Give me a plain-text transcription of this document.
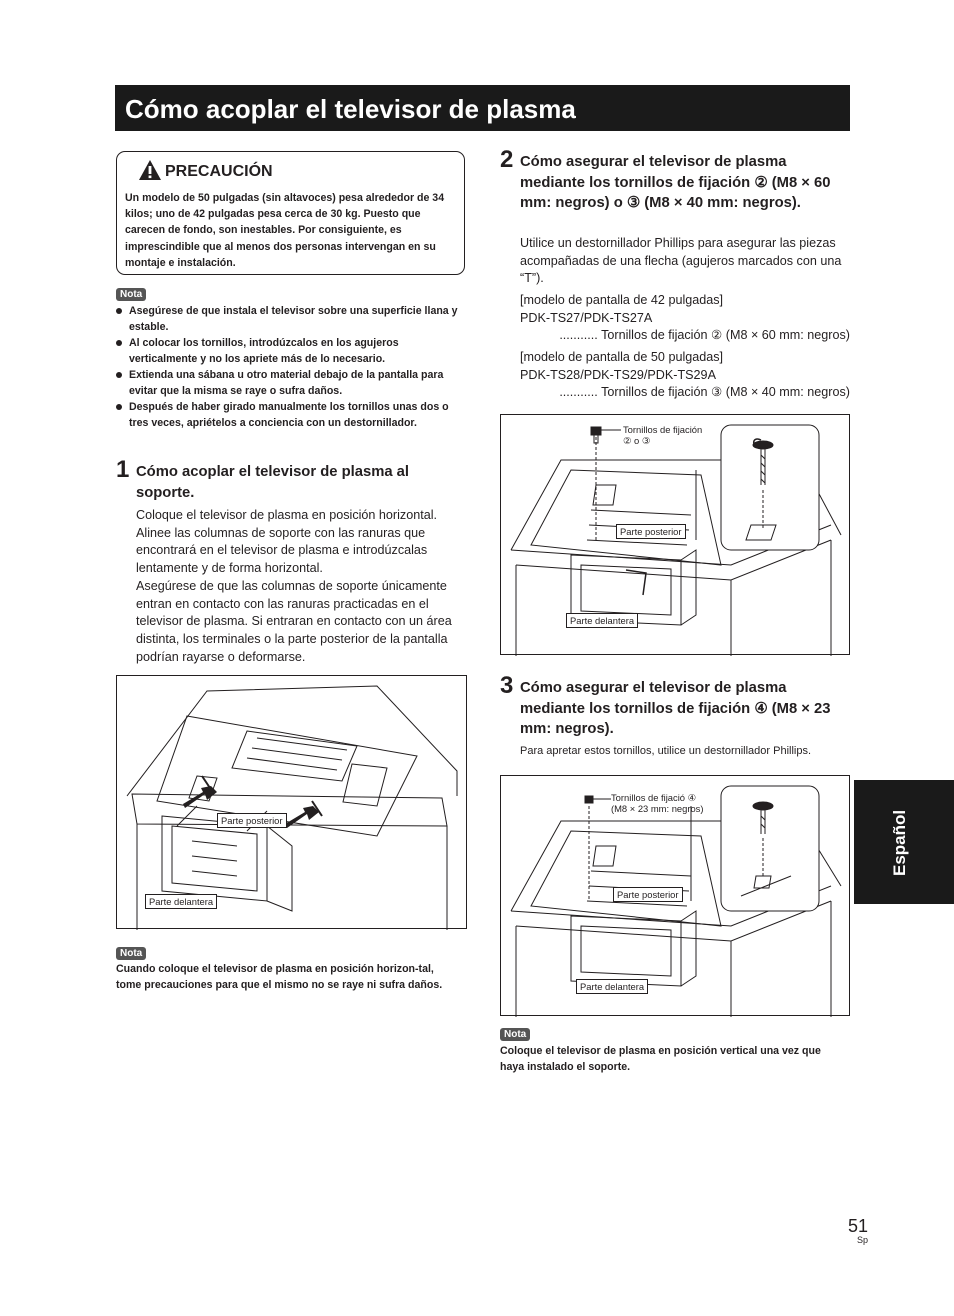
Cómo acoplar el televisor de plasma
PRECAUCIÓN
Un modelo de 50 pulgadas (sin altavoces) pesa alrededor de 34 kilos; uno de 42 pulgadas pesa cerca de 30 kg. Puesto que carecen de fondo, son inestables. Por consiguiente, es imprescindible que al menos dos personas intervengan en su montaje e instalación.
Nota
Asegúrese de que instala el televisor sobre una superficie llana y estable.
Al colocar los tornillos, introdúzcalos en los agujeros verticalmente y no los apriete más de lo necesario.
Extienda una sábana u otro material debajo de la pantalla para evitar que la misma se raye o sufra daños.
Después de haber girado manualmente los tornillos unas dos o tres veces, apriételos a conciencia con un destornillador.
1 Cómo acoplar el televisor de plasma al soporte.
Coloque el televisor de plasma en posición horizontal. Alinee las columnas de soporte con las ranuras que encontrará en el televisor de plasma e introdúzcalas lentamente y de forma horizontal.
Asegúrese de que las columnas de soporte únicamente entran en contacto con las ranuras practicadas en el televisor de plasma. Si entraran en contacto con un área distinta, los terminales o la parte posterior de la pantalla podrían rayarse o deformarse.
Parte posterior
Parte delantera
Nota
Cuando coloque el televisor de plasma en posición horizon-tal, tome precauciones para que el mismo no se raye ni sufra daños.
2 Cómo asegurar el televisor de plasma mediante los tornillos de fijación ② (M8 × 60 mm: negros) o ③ (M8 × 40 mm: negros).
Utilice un destornillador Phillips para asegurar las piezas acompañadas de una flecha (agujeros marcados con una “T”).
[modelo de pantalla de 42 pulgadas]
PDK-TS27/PDK-TS27A
........... Tornillos de fijación ② (M8 × 60 mm: negros)
[modelo de pantalla de 50 pulgadas]
PDK-TS28/PDK-TS29/PDK-TS29A
........... Tornillos de fijación ③ (M8 × 40 mm: negros)
Tornillos de fijación
② o ③
Parte posterior
Parte delantera
3 Cómo asegurar el televisor de plasma mediante los tornillos de fijación ④ (M8 × 23 mm: negros).
Para apretar estos tornillos, utilice un destornillador Phillips.
Tornillos de fijació ④
(M8 × 23 mm: negros)
Parte posterior
Parte delantera
Nota
Coloque el televisor de plasma en posición vertical una vez que haya instalado el soporte.
Español
51
Sp
